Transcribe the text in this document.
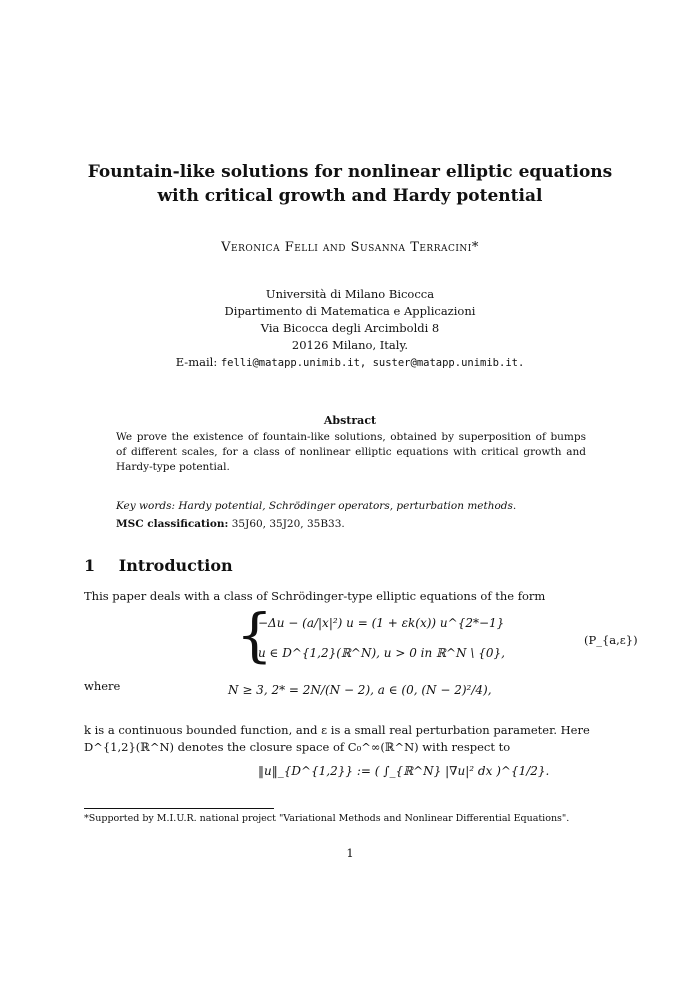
Fountain-like solutions for nonlinear elliptic equations
with critical growth and Hardy potential
Veronica Felli and Susanna Terracini*
Università di Milano Bicocca
Dipartimento di Matematica e Applicazioni
Via Bicocca degli Arcimboldi 8
20126 Milano, Italy.
E-mail: felli@matapp.unimib.it, suster@matapp.unimib.it.
Abstract
We prove the existence of fountain-like solutions, obtained by superposition of bumps of different scales, for a class of nonlinear elliptic equations with critical growth and Hardy-type potential.
Key words: Hardy potential, Schrödinger operators, perturbation methods.
MSC classification: 35J60, 35J20, 35B33.
1 Introduction
This paper deals with a class of Schrödinger-type elliptic equations of the form
{
−Δu − (a/|x|²) u = (1 + εk(x)) u^{2*−1}
u ∈ D^{1,2}(ℝ^N), u > 0 in ℝ^N \ {0},
(P_{a,ε})
where	N ≥ 3, 2* = 2N/(N − 2), a ∈ (0, (N − 2)²/4),
k is a continuous bounded function, and ε is a small real perturbation parameter. Here D^{1,2}(ℝ^N) denotes the closure space of C₀^∞(ℝ^N) with respect to
‖u‖_{D^{1,2}} := ( ∫_{ℝ^N} |∇u|² dx )^{1/2}.
*Supported by M.I.U.R. national project "Variational Methods and Nonlinear Differential Equations".
1
